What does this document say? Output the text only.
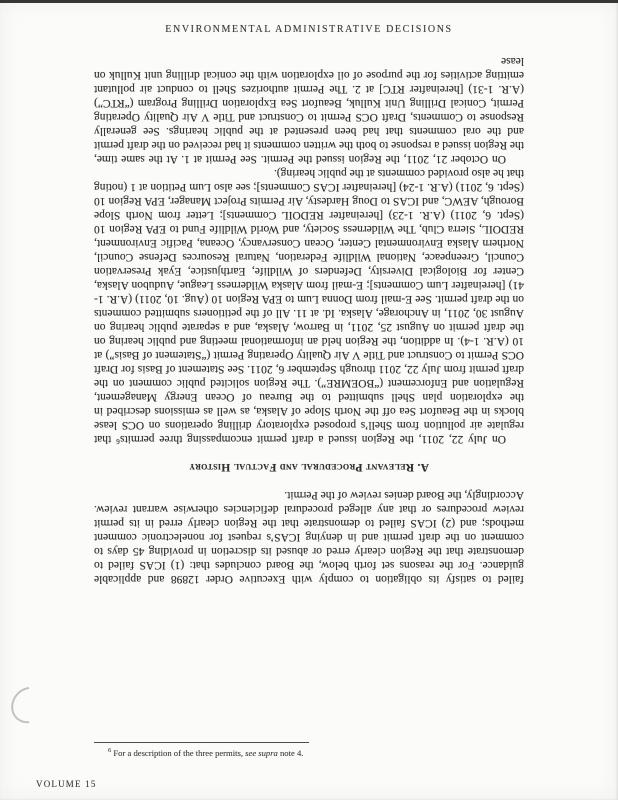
ENVIRONMENTAL ADMINISTRATIVE DECISIONS

failed to satisfy its obligation to comply with Executive Order 12898 and applicable guidance. For the reasons set forth below, the Board concludes that: (1) ICAS failed to demonstrate that the Region clearly erred or abused its discretion in providing 45 days to comment on the draft permit and in denying ICAS’s request for nonelectronic comment methods; and (2) ICAS failed to demonstrate that the Region clearly erred in its permit review procedures or that any alleged procedural deficiencies otherwise warrant review. Accordingly, the Board denies review of the Permit.

A. Relevant Procedural and Factual History

On July 22, 2011, the Region issued a draft permit encompassing three permits⁶ that regulate air pollution from Shell’s proposed exploratory drilling operations on OCS lease blocks in the Beaufort Sea off the North Slope of Alaska, as well as emissions described in the exploration plan Shell submitted to the Bureau of Ocean Energy Management, Regulation and Enforcement (“BOEMRE”). The Region solicited public comment on the draft permit from July 22, 2011 through September 6, 2011. See Statement of Basis for Draft OCS Permit to Construct and Title V Air Quality Operating Permit (“Statement of Basis”) at 10 (A.R. 1-4). In addition, the Region held an informational meeting and public hearing on the draft permit on August 25, 2011, in Barrow, Alaska, and a separate public hearing on August 30, 2011, in Anchorage, Alaska. Id. at 11. All of the petitioners submitted comments on the draft permit. See E-mail from Donna Lum to EPA Region 10 (Aug. 10, 2011) (A.R. 1-41) [hereinafter Lum Comments]; E-mail from Alaska Wilderness League, Audubon Alaska, Center for Biological Diversity, Defenders of Wildlife, Earthjustice, Eyak Preservation Council, Greenpeace, National Wildlife Federation, Natural Resources Defense Council, Northern Alaska Environmental Center, Ocean Conservancy, Oceana, Pacific Environment, REDOIL, Sierra Club, The Wilderness Society, and World Wildlife Fund to EPA Region 10 (Sept. 6, 2011) (A.R. 1-23) [hereinafter REDOIL Comments]; Letter from North Slope Borough, AEWC, and ICAS to Doug Hardesty, Air Permits Project Manager, EPA Region 10 (Sept. 6, 2011) (A.R. 1-24) [hereinafter ICAS Comments]; see also Lum Petition at 1 (noting that he also provided comments at the public hearing).

On October 21, 2011, the Region issued the Permit. See Permit at 1. At the same time, the Region issued a response to both the written comments it had received on the draft permit and the oral comments that had been presented at the public hearings. See generally Response to Comments, Draft OCS Permit to Construct and Title V Air Quality Operating Permit, Conical Drilling Unit Kulluk, Beaufort Sea Exploration Drilling Program (“RTC”) (A.R. 1-31) [hereinafter RTC] at 2. The Permit authorizes Shell to conduct air pollutant emitting activities for the purpose of oil exploration with the conical drilling unit Kulluk on lease

$^6$ For a description of the three permits, see supra note 4.

VOLUME 15
